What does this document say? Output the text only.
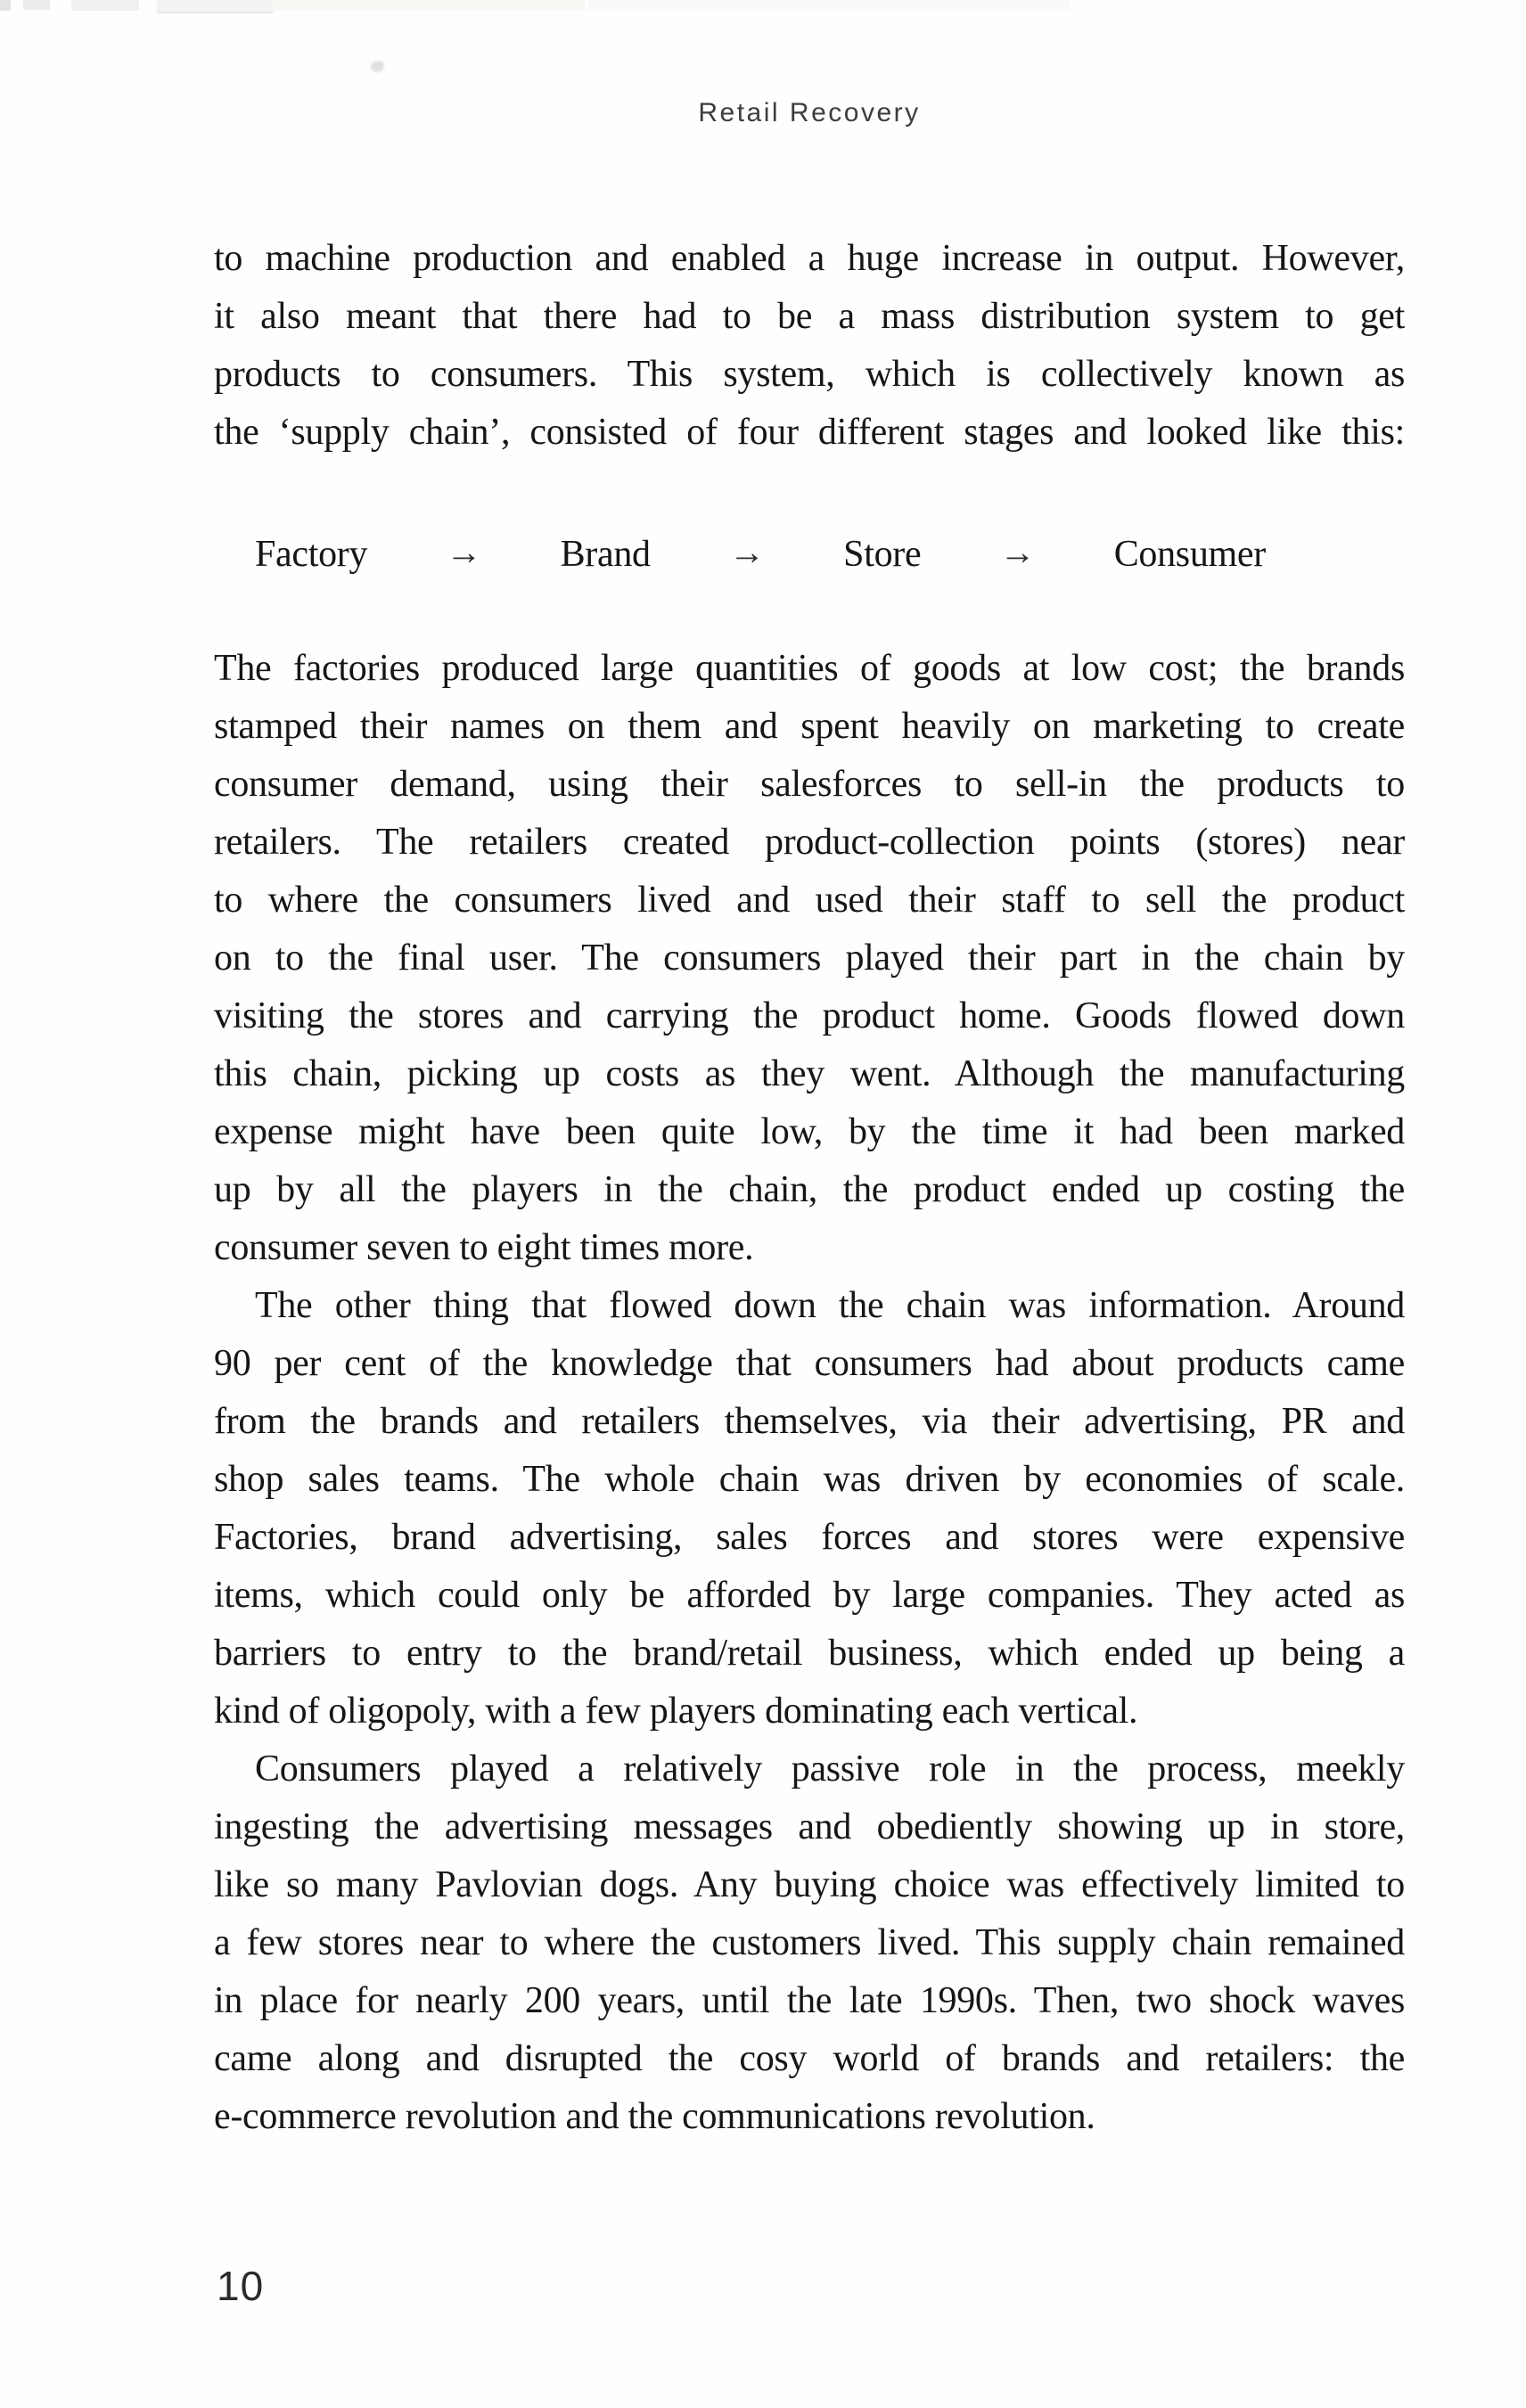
Retail Recovery
to machine production and enabled a huge increase in output. However,
it also meant that there had to be a mass distribution system to get
products to consumers. This system, which is collectively known as
the ‘supply chain’, consisted of four different stages and looked like this:
Factory → Brand → Store → Consumer
The factories produced large quantities of goods at low cost; the brands
stamped their names on them and spent heavily on marketing to create
consumer demand, using their salesforces to sell-in the products to
retailers. The retailers created product-collection points (stores) near
to where the consumers lived and used their staff to sell the product
on to the final user. The consumers played their part in the chain by
visiting the stores and carrying the product home. Goods flowed down
this chain, picking up costs as they went. Although the manufacturing
expense might have been quite low, by the time it had been marked
up by all the players in the chain, the product ended up costing the
consumer seven to eight times more.
The other thing that flowed down the chain was information. Around
90 per cent of the knowledge that consumers had about products came
from the brands and retailers themselves, via their advertising, PR and
shop sales teams. The whole chain was driven by economies of scale.
Factories, brand advertising, sales forces and stores were expensive
items, which could only be afforded by large companies. They acted as
barriers to entry to the brand/retail business, which ended up being a
kind of oligopoly, with a few players dominating each vertical.
Consumers played a relatively passive role in the process, meekly
ingesting the advertising messages and obediently showing up in store,
like so many Pavlovian dogs. Any buying choice was effectively limited to
a few stores near to where the customers lived. This supply chain remained
in place for nearly 200 years, until the late 1990s. Then, two shock waves
came along and disrupted the cosy world of brands and retailers: the
e-commerce revolution and the communications revolution.
10
